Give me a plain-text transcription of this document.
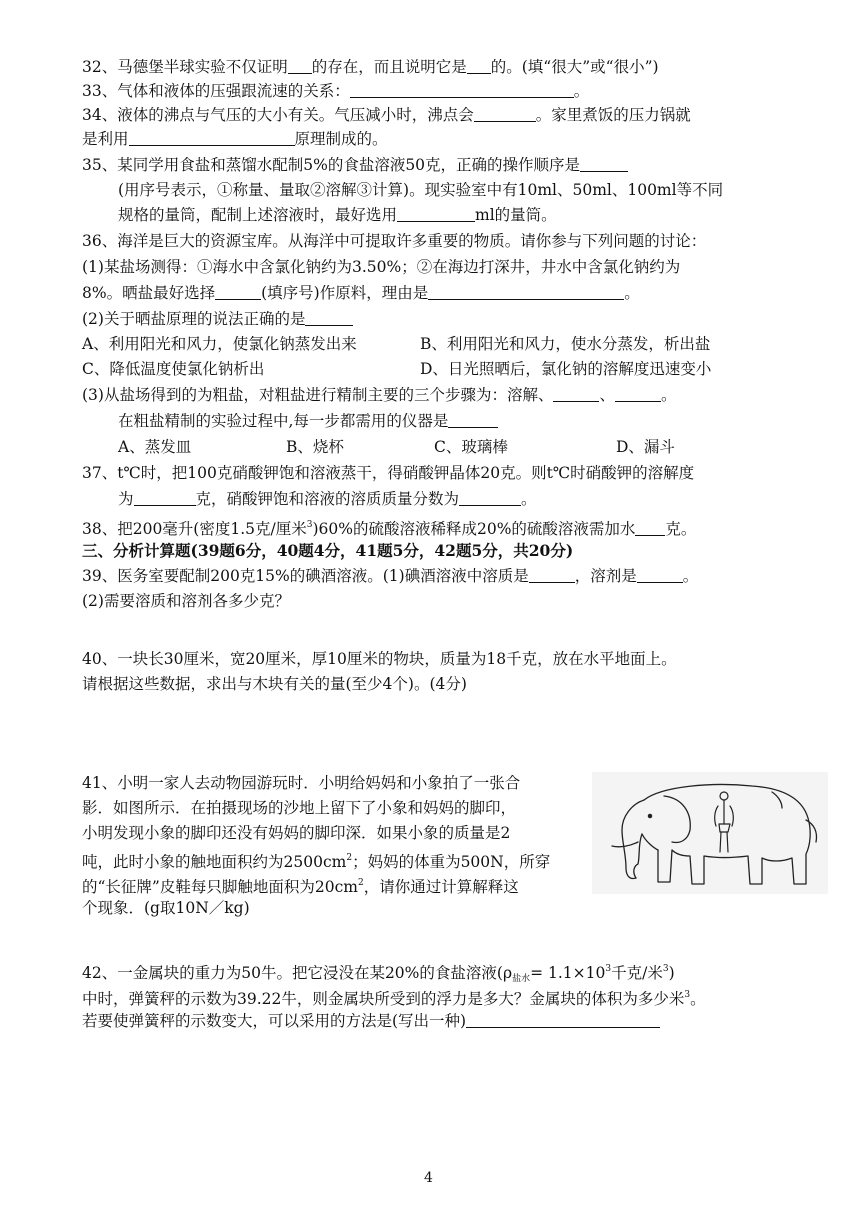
32、马德堡半球实验不仅证明 的存在，而且说明它是 的。(填“很大”或“很小”)
33、气体和液体的压强跟流速的关系：	。
34、液体的沸点与气压的大小有关。气压减小时，沸点会	。家里煮饭的压力锅就
是利用	原理制成的。
35、某同学用食盐和蒸馏水配制5%的食盐溶液50克，正确的操作顺序是
(用序号表示，①称量、量取②溶解③计算)。现实验室中有10ml、50ml、100ml等不同
规格的量筒，配制上述溶液时，最好选用	ml的量筒。
36、海洋是巨大的资源宝库。从海洋中可提取许多重要的物质。请你参与下列问题的讨论：
(1)某盐场测得：①海水中含氯化钠约为3.50%；②在海边打深井，井水中含氯化钠约为
8%。晒盐最好选择	(填序号)作原料，理由是	。
(2)关于晒盐原理的说法正确的是
A、利用阳光和风力，使氯化钠蒸发出来	B、利用阳光和风力，使水分蒸发，析出盐
C、降低温度使氯化钠析出	D、日光照晒后，氯化钠的溶解度迅速变小
(3)从盐场得到的为粗盐，对粗盐进行精制主要的三个步骤为：溶解、	、	。
在粗盐精制的实验过程中,每一步都需用的仪器是
A、蒸发皿	B、烧杯	C、玻璃棒	D、漏斗
37、t℃时，把100克硝酸钾饱和溶液蒸干，得硝酸钾晶体20克。则t℃时硝酸钾的溶解度
为	克，硝酸钾饱和溶液的溶质质量分数为	。
38、把200毫升(密度1.5克/厘米$^3$)60%的硫酸溶液稀释成20%的硫酸溶液需加水 克。
三、分析计算题(39题6分，40题4分，41题5分，42题5分，共20分)
39、医务室要配制200克15%的碘酒溶液。(1)碘酒溶液中溶质是	，溶剂是	。
(2)需要溶质和溶剂各多少克？
40、一块长30厘米，宽20厘米，厚10厘米的物块，质量为18千克，放在水平地面上。
请根据这些数据，求出与木块有关的量(至少4个)。(4分)
41、小明一家人去动物园游玩时．小明给妈妈和小象拍了一张合
影．如图所示．在拍摄现场的沙地上留下了小象和妈妈的脚印，
小明发现小象的脚印还没有妈妈的脚印深．如果小象的质量是2
吨，此时小象的触地面积约为$2500cm^2$；妈妈的体重为500N，所穿
的“长征牌”皮鞋每只脚触地面积为$20cm^2$，请你通过计算解释这
个现象．(g取10N／kg)
42、一金属块的重力为50牛。把它浸没在某20%的食盐溶液($\rho_{盐水}= 1.1\times 10^3$千克/米$^3$)
中时，弹簧秤的示数为39.22牛，则金属块所受到的浮力是多大？金属块的体积为多少米$^3$。
若要使弹簧秤的示数变大，可以采用的方法是(写出一种)
4
